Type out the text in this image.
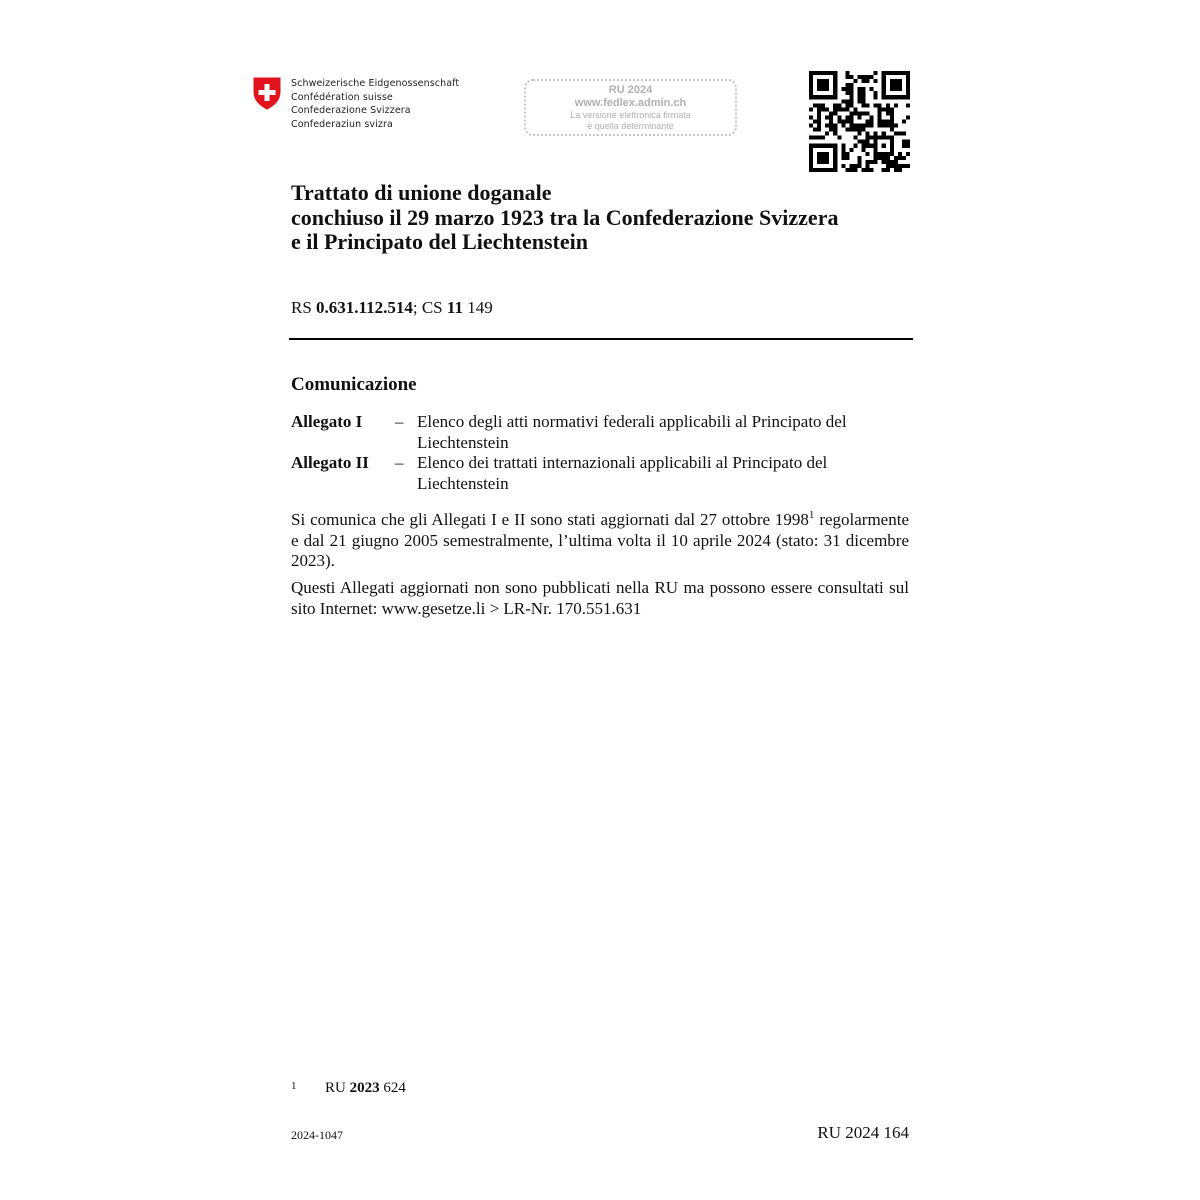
Schweizerische Eidgenossenschaft
Confédération suisse
Confederazione Svizzera
Confederaziun svizra
RU 2024
www.fedlex.admin.ch
La versione elettronica firmata
è quella determinante
Trattato di unione doganale
conchiuso il 29 marzo 1923 tra la Confederazione Svizzera
e il Principato del Liechtenstein
RS 0.631.112.514; CS 11 149
Comunicazione
Allegato I – Elenco degli atti normativi federali applicabili al Principato del Liechtenstein
Allegato II – Elenco dei trattati internazionali applicabili al Principato del Liechtenstein
Si comunica che gli Allegati I e II sono stati aggiornati dal 27 ottobre 1998$^1$ regolarmente e dal 21 giugno 2005 semestralmente, l’ultima volta il 10 aprile 2024 (stato: 31 dicembre 2023).
Questi Allegati aggiornati non sono pubblicati nella RU ma possono essere consultati sul sito Internet: www.gesetze.li > LR-Nr. 170.551.631
1 RU 2023 624
2024-1047	RU 2024 164
